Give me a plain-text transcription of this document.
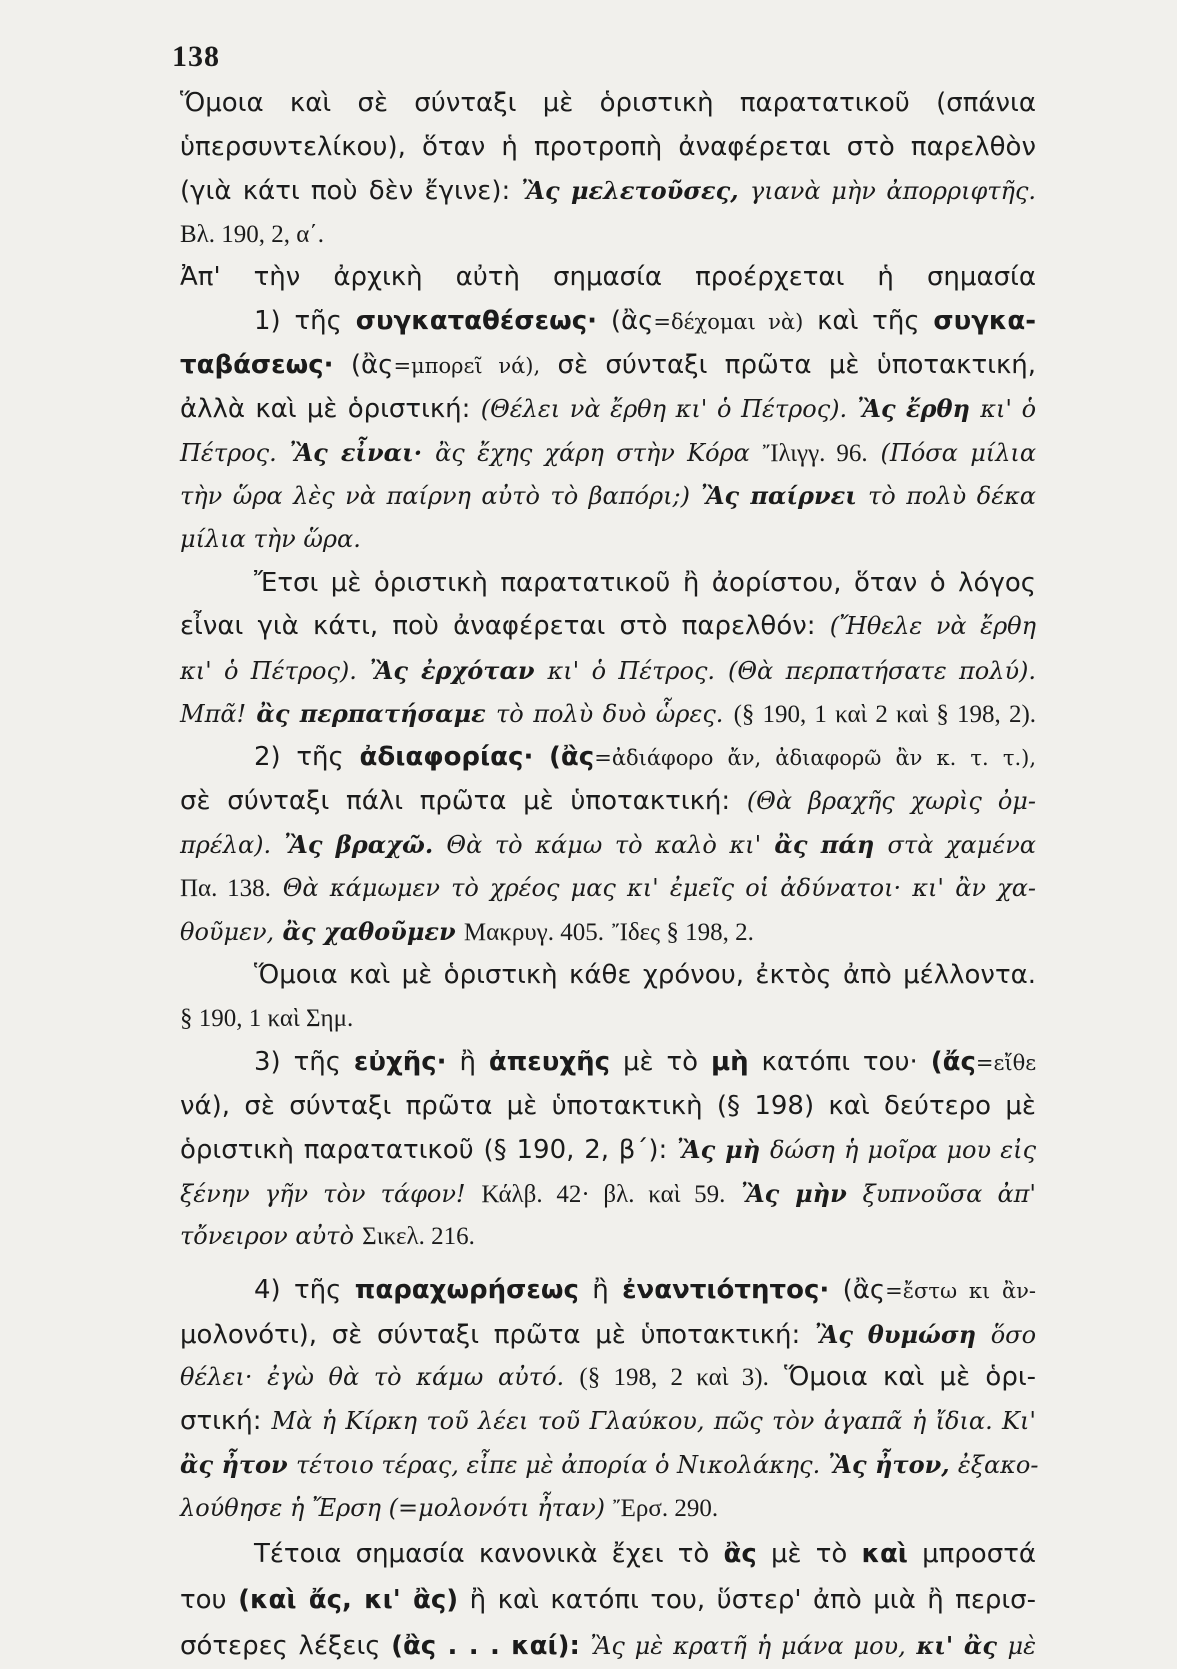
138
Ὅμοια καὶ σὲ σύνταξι μὲ ὁριστικὴ παρατατικοῦ (σπάνια
ὑπερσυντελίκου), ὅταν ἡ προτροπὴ ἀναφέρεται στὸ παρελθὸν
(γιὰ κάτι ποὺ δὲν ἔγινε): Ἂς μελετοῦσες, γιανὰ μὴν ἀπορριφτῆς.
Βλ. 190, 2, α΄.
Ἀπ' τὴν ἀρχικὴ αὐτὴ σημασία προέρχεται ἡ σημασία
1) τῆς συγκαταθέσεως· (ἂς=δέχομαι νὰ) καὶ τῆς συγκα-
ταβάσεως· (ἂς=μπορεῖ νά), σὲ σύνταξι πρῶτα μὲ ὑποτακτική,
ἀλλὰ καὶ μὲ ὁριστική: (Θέλει νὰ ἔρθη κι' ὁ Πέτρος). Ἂς ἔρθη κι' ὁ
Πέτρος. Ἂς εἶναι· ἂς ἔχης χάρη στὴν Κόρα Ἴλιγγ. 96. (Πόσα μίλια
τὴν ὥρα λὲς νὰ παίρνη αὐτὸ τὸ βαπόρι;) Ἂς παίρνει τὸ πολὺ δέκα
μίλια τὴν ὥρα.
Ἔτσι μὲ ὁριστικὴ παρατατικοῦ ἢ ἀορίστου, ὅταν ὁ λόγος
εἶναι γιὰ κάτι, ποὺ ἀναφέρεται στὸ παρελθόν: (Ἤθελε νὰ ἔρθη
κι' ὁ Πέτρος). Ἂς ἐρχόταν κι' ὁ Πέτρος. (Θὰ περπατήσατε πολύ).
Μπᾶ! ἂς περπατήσαμε τὸ πολὺ δυὸ ὧρες. (§ 190, 1 καὶ 2 καὶ § 198, 2).
2) τῆς ἀδιαφορίας· (ἂς=ἀδιάφορο ἄν, ἀδιαφορῶ ἂν κ. τ. τ.),
σὲ σύνταξι πάλι πρῶτα μὲ ὑποτακτική: (Θὰ βραχῆς χωρὶς ὀμ-
πρέλα). Ἂς βραχῶ. Θὰ τὸ κάμω τὸ καλὸ κι' ἂς πάη στὰ χαμένα
Πα. 138. Θὰ κάμωμεν τὸ χρέος μας κι' ἐμεῖς οἱ ἀδύνατοι· κι' ἂν χα-
θοῦμεν, ἂς χαθοῦμεν Μακρυγ. 405. Ἴδες § 198, 2.
Ὅμοια καὶ μὲ ὁριστικὴ κάθε χρόνου, ἐκτὸς ἀπὸ μέλλοντα.
§ 190, 1 καὶ Σημ.
3) τῆς εὐχῆς· ἢ ἀπευχῆς μὲ τὸ μὴ κατόπι του· (ἄς=εἴθε
νά), σὲ σύνταξι πρῶτα μὲ ὑποτακτικὴ (§ 198) καὶ δεύτερο μὲ
ὁριστικὴ παρατατικοῦ (§ 190, 2, β΄): Ἂς μὴ δώση ἡ μοῖρα μου εἰς
ξένην γῆν τὸν τάφον! Κάλβ. 42· βλ. καὶ 59. Ἂς μὴν ξυπνοῦσα ἀπ'
τὄνειρον αὐτὸ Σικελ. 216.
4) τῆς παραχωρήσεως ἢ ἐναντιότητος· (ἂς=ἔστω κι ἂν-
μολονότι), σὲ σύνταξι πρῶτα μὲ ὑποτακτική: Ἂς θυμώση ὅσο
θέλει· ἐγὼ θὰ τὸ κάμω αὐτό. (§ 198, 2 καὶ 3). Ὅμοια καὶ μὲ ὁρι-
στική: Μὰ ἡ Κίρκη τοῦ λέει τοῦ Γλαύκου, πῶς τὸν ἀγαπᾶ ἡ ἴδια. Κι'
ἂς ἦτον τέτοιο τέρας, εἶπε μὲ ἀπορία ὁ Νικολάκης. Ἂς ἦτον, ἐξακο-
λούθησε ἡ Ἔρση (=μολονότι ἦταν) Ἔρσ. 290.
Τέτοια σημασία κανονικὰ ἔχει τὸ ἂς μὲ τὸ καὶ μπροστά
του (καὶ ἄς, κι' ἂς) ἢ καὶ κατόπι του, ὕστερ' ἀπὸ μιὰ ἢ περισ-
σότερες λέξεις (ἂς . . . καί): Ἂς μὲ κρατῆ ἡ μάνα μου, κι' ἂς μὲ
